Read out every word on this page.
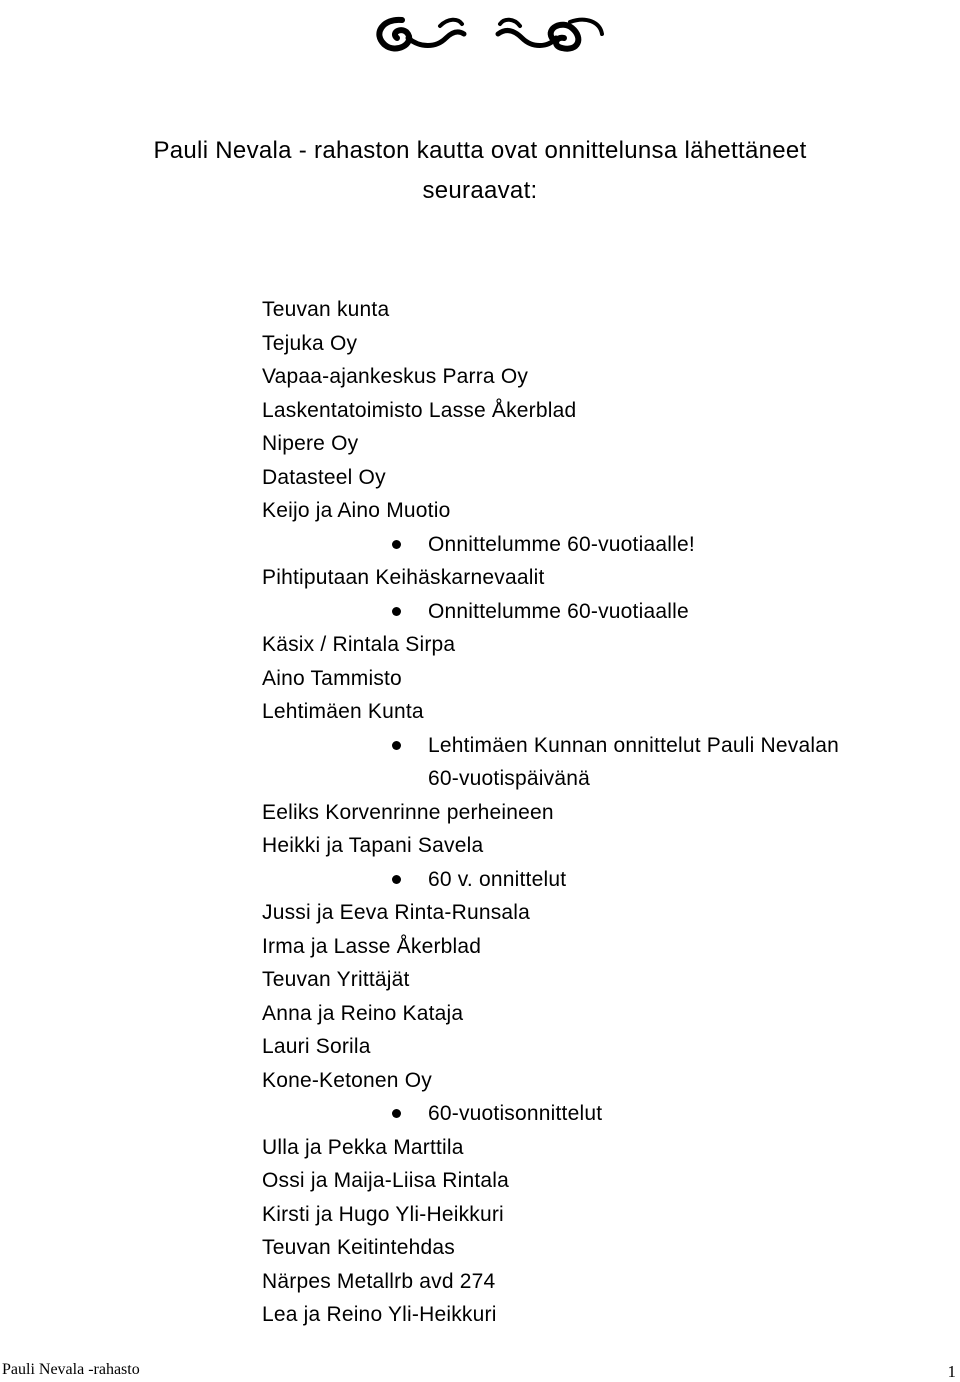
Pauli Nevala - rahaston kautta ovat onnittelunsa lähettäneet
seuraavat:
Teuvan kunta
Tejuka Oy
Vapaa-ajankeskus Parra Oy
Laskentatoimisto Lasse Åkerblad
Nipere Oy
Datasteel Oy
Keijo ja Aino Muotio
Onnittelumme 60-vuotiaalle!
Pihtiputaan Keihäskarnevaalit
Onnittelumme 60-vuotiaalle
Käsix / Rintala Sirpa
Aino Tammisto
Lehtimäen Kunta
Lehtimäen Kunnan onnittelut Pauli Nevalan
60-vuotispäivänä
Eeliks Korvenrinne perheineen
Heikki ja Tapani Savela
60 v. onnittelut
Jussi ja Eeva Rinta-Runsala
Irma ja Lasse Åkerblad
Teuvan Yrittäjät
Anna ja Reino Kataja
Lauri Sorila
Kone-Ketonen Oy
60-vuotisonnittelut
Ulla ja Pekka Marttila
Ossi ja Maija-Liisa Rintala
Kirsti ja Hugo Yli-Heikkuri
Teuvan Keitintehdas
Närpes Metallrb avd 274
Lea ja Reino Yli-Heikkuri
Pauli Nevala -rahasto	1
